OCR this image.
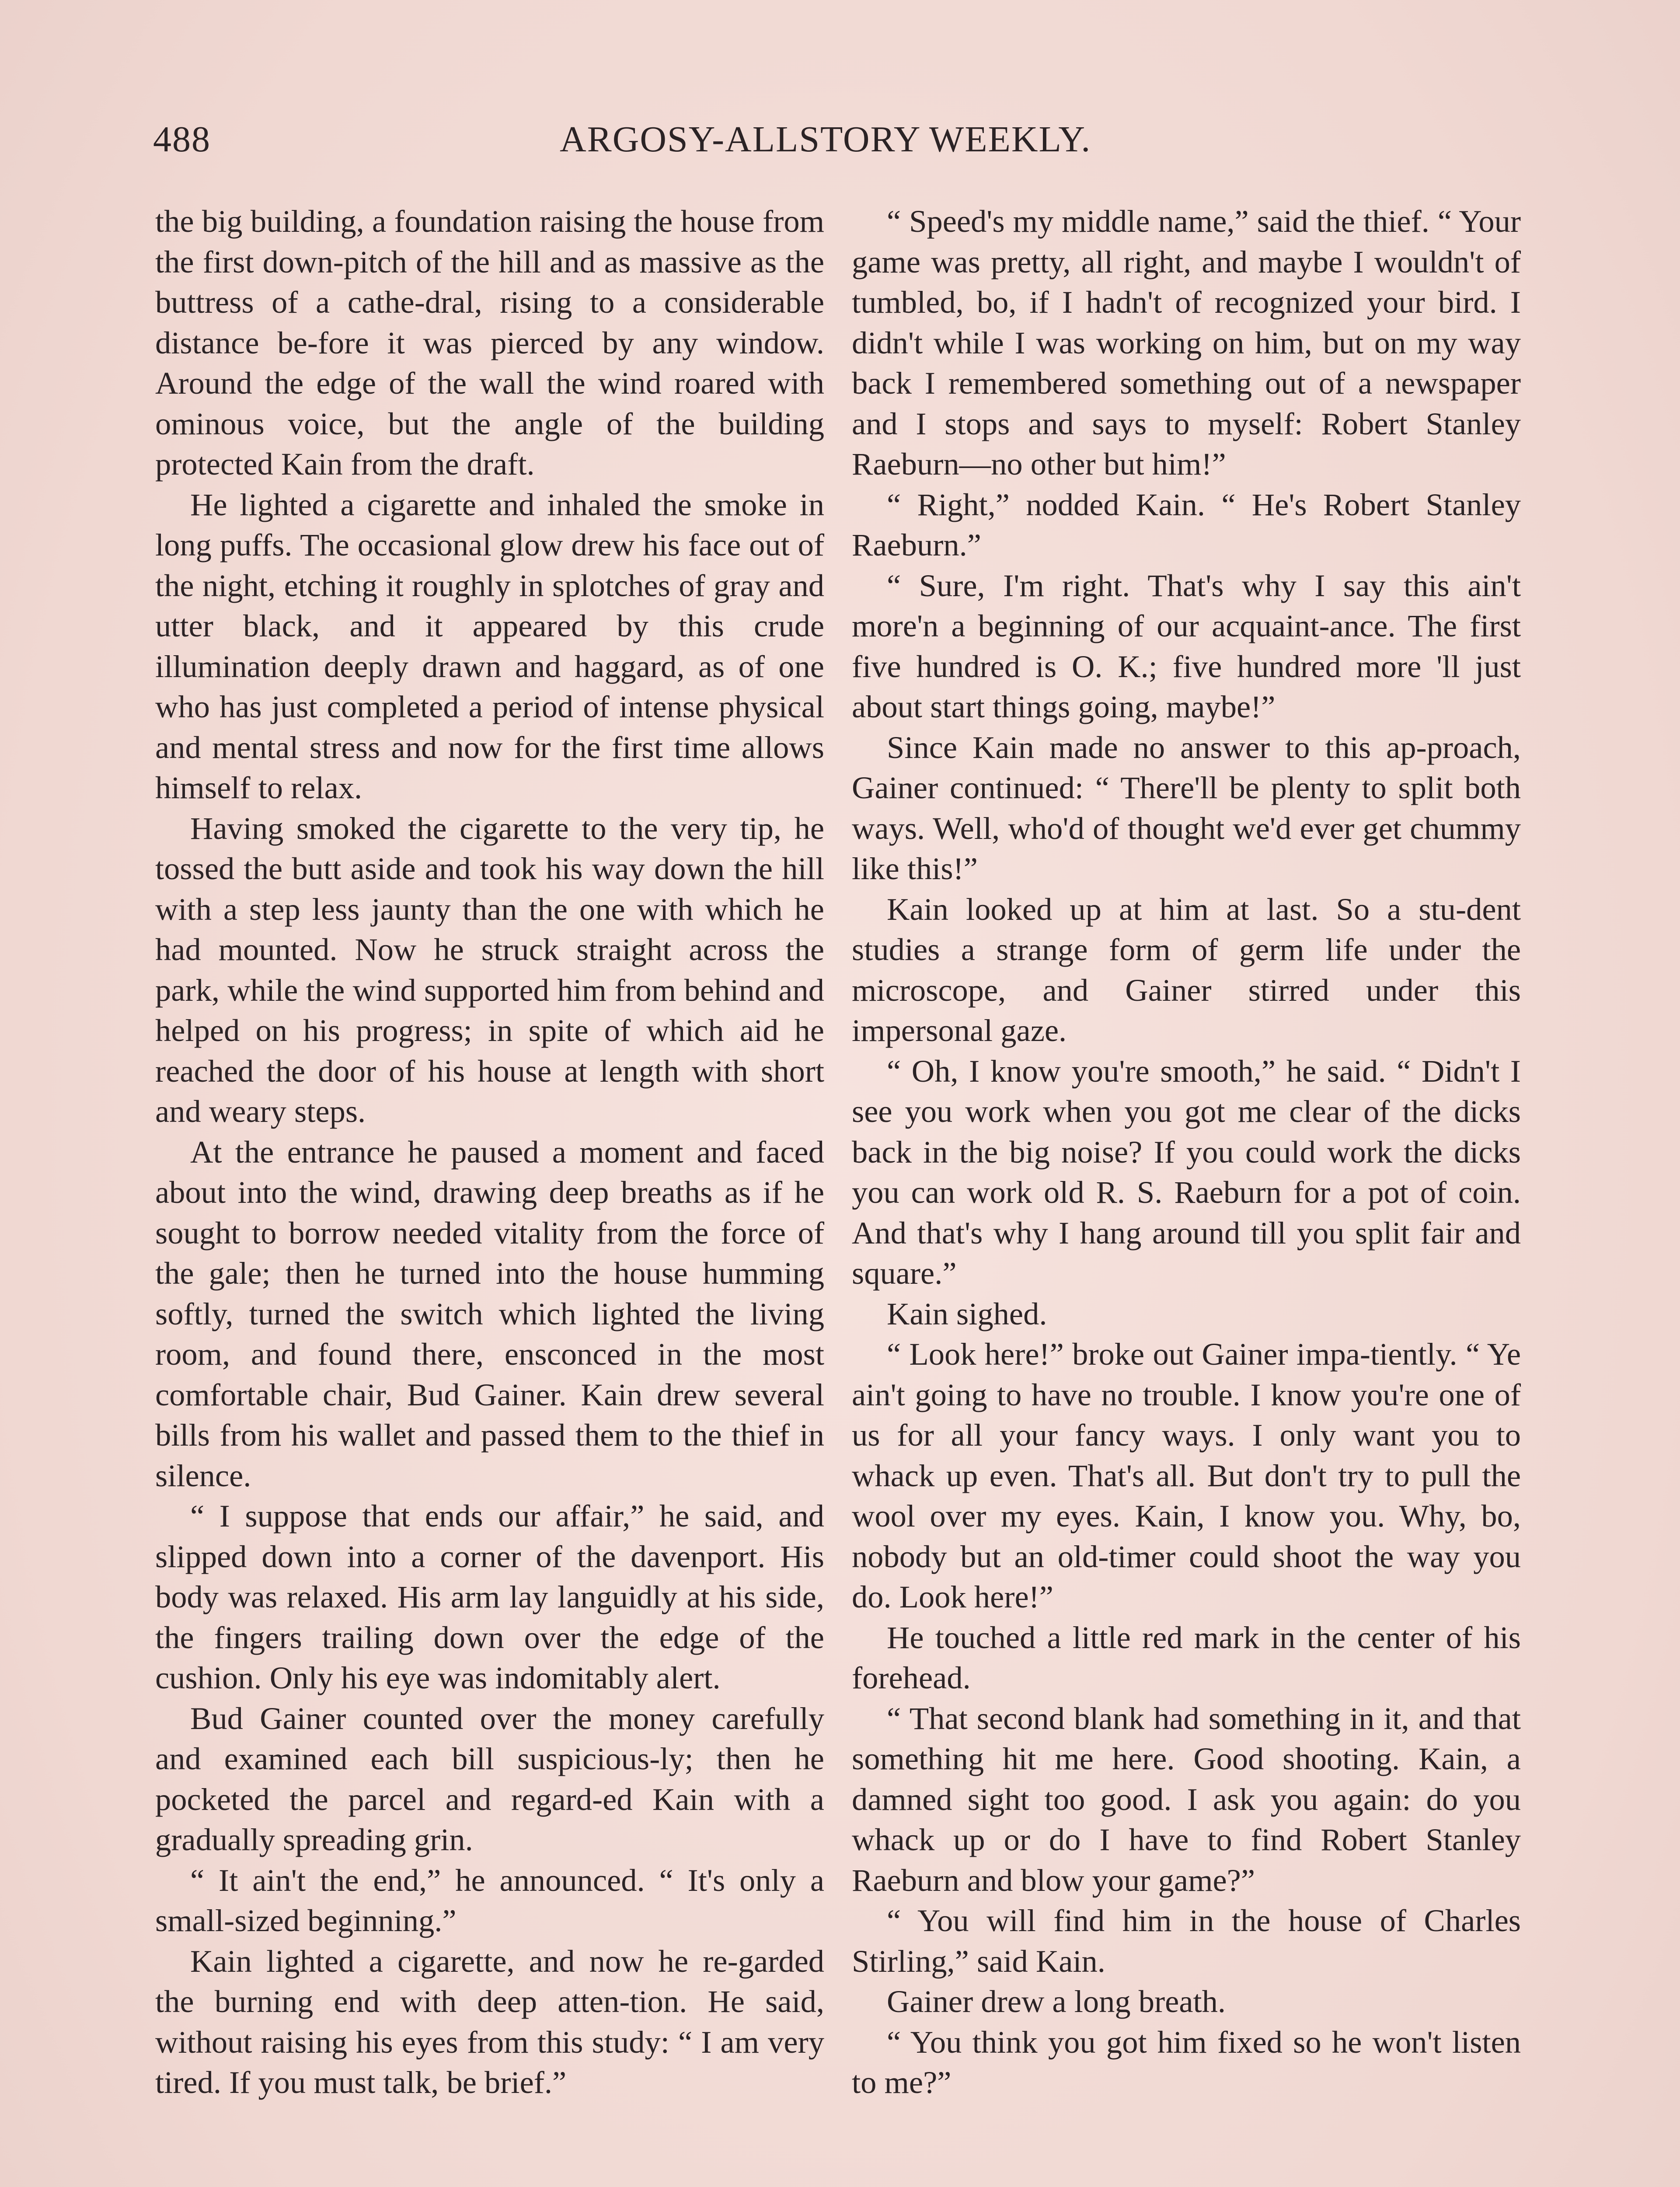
488	ARGOSY-ALLSTORY WEEKLY.

the big building, a foundation raising the house from the first down-pitch of the hill and as massive as the buttress of a cathe-dral, rising to a considerable distance be-fore it was pierced by any window. Around the edge of the wall the wind roared with ominous voice, but the angle of the building protected Kain from the draft.

He lighted a cigarette and inhaled the smoke in long puffs. The occasional glow drew his face out of the night, etching it roughly in splotches of gray and utter black, and it appeared by this crude illumination deeply drawn and haggard, as of one who has just completed a period of intense physical and mental stress and now for the first time allows himself to relax.

Having smoked the cigarette to the very tip, he tossed the butt aside and took his way down the hill with a step less jaunty than the one with which he had mounted. Now he struck straight across the park, while the wind supported him from behind and helped on his progress; in spite of which aid he reached the door of his house at length with short and weary steps.

At the entrance he paused a moment and faced about into the wind, drawing deep breaths as if he sought to borrow needed vitality from the force of the gale; then he turned into the house humming softly, turned the switch which lighted the living room, and found there, ensconced in the most comfortable chair, Bud Gainer. Kain drew several bills from his wallet and passed them to the thief in silence.

“ I suppose that ends our affair,” he said, and slipped down into a corner of the davenport. His body was relaxed. His arm lay languidly at his side, the fingers trailing down over the edge of the cushion. Only his eye was indomitably alert.

Bud Gainer counted over the money carefully and examined each bill suspicious-ly; then he pocketed the parcel and regard-ed Kain with a gradually spreading grin.

“ It ain't the end,” he announced. “ It's only a small-sized beginning.”

Kain lighted a cigarette, and now he re-garded the burning end with deep atten-tion. He said, without raising his eyes from this study: “ I am very tired. If you must talk, be brief.”

“ Speed's my middle name,” said the thief. “ Your game was pretty, all right, and maybe I wouldn't of tumbled, bo, if I hadn't of recognized your bird. I didn't while I was working on him, but on my way back I remembered something out of a newspaper and I stops and says to myself: Robert Stanley Raeburn—no other but him!”

“ Right,” nodded Kain. “ He's Robert Stanley Raeburn.”

“ Sure, I'm right. That's why I say this ain't more'n a beginning of our acquaint-ance. The first five hundred is O. K.; five hundred more 'll just about start things going, maybe!”

Since Kain made no answer to this ap-proach, Gainer continued: “ There'll be plenty to split both ways. Well, who'd of thought we'd ever get chummy like this!”

Kain looked up at him at last. So a stu-dent studies a strange form of germ life under the microscope, and Gainer stirred under this impersonal gaze.

“ Oh, I know you're smooth,” he said. “ Didn't I see you work when you got me clear of the dicks back in the big noise? If you could work the dicks you can work old R. S. Raeburn for a pot of coin. And that's why I hang around till you split fair and square.”

Kain sighed.

“ Look here!” broke out Gainer impa-tiently. “ Ye ain't going to have no trouble. I know you're one of us for all your fancy ways. I only want you to whack up even. That's all. But don't try to pull the wool over my eyes. Kain, I know you. Why, bo, nobody but an old-timer could shoot the way you do. Look here!”

He touched a little red mark in the center of his forehead.

“ That second blank had something in it, and that something hit me here. Good shooting. Kain, a damned sight too good. I ask you again: do you whack up or do I have to find Robert Stanley Raeburn and blow your game?”

“ You will find him in the house of Charles Stirling,” said Kain.

Gainer drew a long breath.

“ You think you got him fixed so he won't listen to me?”
